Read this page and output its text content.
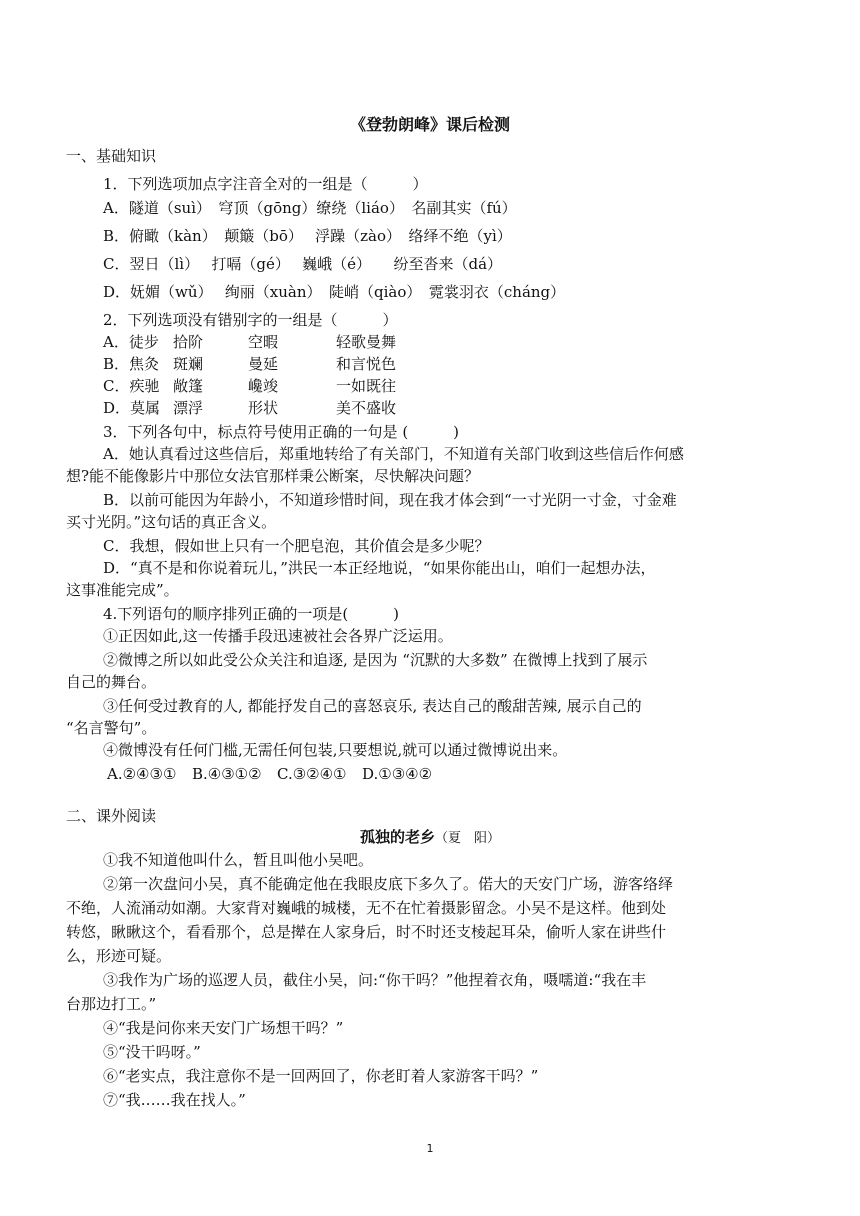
《登勃朗峰》课后检测
一、基础知识
1．下列选项加点字注音全对的一组是（　　　）
A．隧道（suì）　穹顶（gōng）缭绕（liáo）　名副其实（fú）
B．俯瞰（kàn）　颠簸（bō）　 浮躁（zào）　络绎不绝（yì）
C．翌日（lì）　 打嗝（gé）　 巍峨（é）　　纷至沓来（dá）
D．妩媚（wǔ）　 绚丽（xuàn）　陡峭（qiào）　霓裳羽衣（cháng）
2．下列选项没有错别字的一组是（　　　）
A．徒步 拾阶	空暇	轻歌曼舞
B．焦灸 斑斓	曼延	和言悦色
C．疾驰 敞篷	巉竣	一如既往
D．莫属 漂浮	形状	美不盛收
3．下列各句中，标点符号使用正确的一句是 (　　　)
A．她认真看过这些信后，郑重地转给了有关部门，不知道有关部门收到这些信后作何感
想?能不能像影片中那位女法官那样秉公断案，尽快解决问题？
B．以前可能因为年龄小，不知道珍惜时间，现在我才体会到“一寸光阴一寸金，寸金难
买寸光阴。”这句话的真正含义。
C．我想，假如世上只有一个肥皂泡，其价值会是多少呢？
D．“真不是和你说着玩儿，”洪民一本正经地说，“如果你能出山，咱们一起想办法，
这事准能完成”。
4.下列语句的顺序排列正确的一项是(　　　)
①正因如此,这一传播手段迅速被社会各界广泛运用。
②微博之所以如此受公众关注和追逐, 是因为 “沉默的大多数” 在微博上找到了展示
自己的舞台。
③任何受过教育的人, 都能抒发自己的喜怒哀乐, 表达自己的酸甜苦辣, 展示自己的
“名言警句”。
④微博没有任何门槛,无需任何包装,只要想说,就可以通过微博说出来。
A.②④③① B.④③①② C.③②④① D.①③④②
二、课外阅读
孤独的老乡（夏　阳）
①我不知道他叫什么，暂且叫他小吴吧。
②第一次盘问小吴，真不能确定他在我眼皮底下多久了。偌大的天安门广场，游客络绎
不绝，人流涌动如潮。大家背对巍峨的城楼，无不在忙着摄影留念。小吴不是这样。他到处
转悠，瞅瞅这个，看看那个，总是撵在人家身后，时不时还支棱起耳朵，偷听人家在讲些什
么，形迹可疑。
③我作为广场的巡逻人员，截住小吴，问:“你干吗？”他捏着衣角，嗫嚅道:“我在丰
台那边打工。”
④“我是问你来天安门广场想干吗？”
⑤“没干吗呀。”
⑥“老实点，我注意你不是一回两回了，你老盯着人家游客干吗？”
⑦“我……我在找人。”
1
